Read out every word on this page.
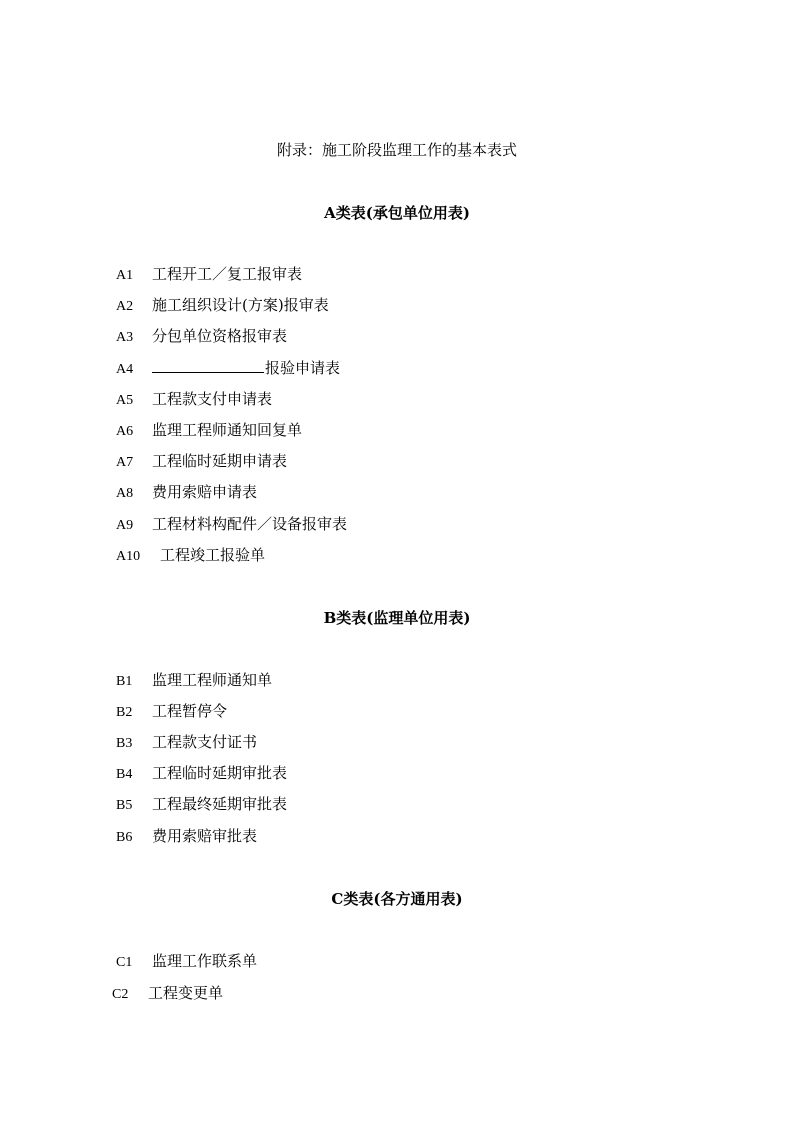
附录：施工阶段监理工作的基本表式
A类表(承包单位用表)
A1 工程开工／复工报审表
A2 施工组织设计(方案)报审表
A3 分包单位资格报审表
A4	报验申请表
A5 工程款支付申请表
A6 监理工程师通知回复单
A7 工程临时延期申请表
A8 费用索赔申请表
A9 工程材料构配件／设备报审表
A10 工程竣工报验单
B类表(监理单位用表)
B1 监理工程师通知单
B2 工程暂停令
B3 工程款支付证书
B4 工程临时延期审批表
B5 工程最终延期审批表
B6 费用索赔审批表
C类表(各方通用表)
C1 监理工作联系单
C2 工程变更单
